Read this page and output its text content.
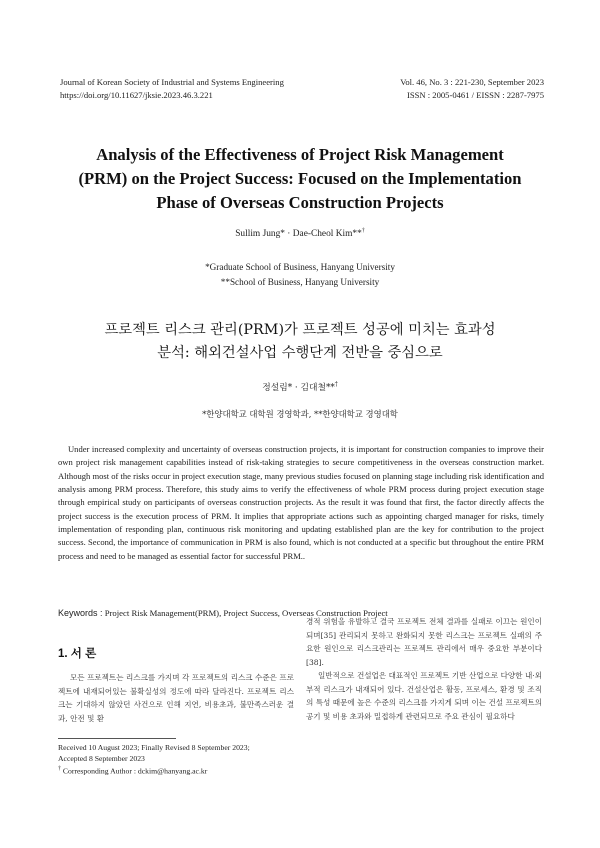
Journal of Korean Society of Industrial and Systems Engineering
https://doi.org/10.11627/jksie.2023.46.3.221
Vol. 46, No. 3 : 221-230, September 2023
ISSN : 2005-0461 / EISSN : 2287-7975
Analysis of the Effectiveness of Project Risk Management
(PRM) on the Project Success: Focused on the Implementation
Phase of Overseas Construction Projects
Sullim Jung* · Dae-Cheol Kim**†
*Graduate School of Business, Hanyang University
**School of Business, Hanyang University
프로젝트 리스크 관리(PRM)가 프로젝트 성공에 미치는 효과성
분석: 해외건설사업 수행단계 전반을 중심으로
정설림* · 김대철**†
*한양대학교 대학원 경영학과, **한양대학교 경영대학

Under increased complexity and uncertainty of overseas construction projects, it is important for construction companies to improve their own project risk management capabilities instead of risk-taking strategies to secure competitiveness in the overseas construction market. Although most of the risks occur in project execution stage, many previous studies focused on planning stage including risk identification and analysis among PRM process. Therefore, this study aims to verify the effectiveness of whole PRM process during project execution stage through empirical study on participants of overseas construction projects. As the result it was found that first, the factor directly affects the project success is the execution process of PRM. It implies that appropriate actions such as appointing charged manager for risks, timely implementation of responding plan, continuous risk monitoring and updating established plan are the key for contribution to the project success. Second, the importance of communication in PRM is also found, which is not conducted at a specific but throughout the entire PRM process and need to be managed as essential factor for successful PRM..

Keywords : Project Risk Management(PRM), Project Success, Overseas Construction Project
1. 서 론

모든 프로젝트는 리스크를 가지며 각 프로젝트의 리스크 수준은 프로젝트에 내재되어있는 불확실성의 정도에 따라 달라진다. 프로젝트 리스크는 기대하지 않았던 사건으로 인해 지연, 비용초과, 불만족스러운 결과, 안전 및 환

Received 10 August 2023; Finally Revised 8 September 2023;
Accepted 8 September 2023
† Corresponding Author : dckim@hanyang.ac.kr

경적 위험을 유발하고 결국 프로젝트 전체 결과를 실패로 이끄는 원인이 되며[35] 관리되지 못하고 완화되지 못한 리스크는 프로젝트 실패의 주요한 원인으로 리스크관리는 프로젝트 관리에서 매우 중요한 부분이다[38].

일반적으로 건설업은 대표적인 프로젝트 기반 산업으로 다양한 내·외부적 리스크가 내재되어 있다. 건설산업은 활동, 프로세스, 환경 및 조직의 특성 때문에 높은 수준의 리스크를 가지게 되며 이는 건설 프로젝트의 공기 및 비용 초과와 밀접하게 관련되므로 주요 관심이 필요하다
